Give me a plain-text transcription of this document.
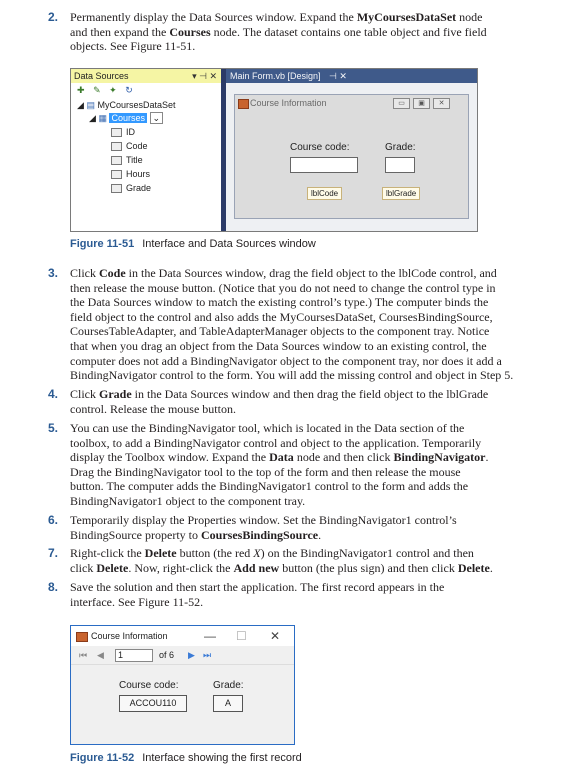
2. Permanently display the Data Sources window. Expand the MyCoursesDataSet node
and then expand the Courses node. The dataset contains one table object and five field
objects. See Figure 11-51.
Data Sources	▾ ⊣ ✕
✚ ✎ ✦ ↻
◢ ▤ MyCoursesDataSet
◢ ▦ Courses ⌄
ID
Code
Title
Hours
Grade
Main Form.vb [Design] ⊣ ✕
Course Information	▭	▣	✕
Course code:	Grade:
lblCode	lblGrade
Figure 11-51 Interface and Data Sources window
3. Click Code in the Data Sources window, drag the field object to the lblCode control, and
then release the mouse button. (Notice that you do not need to change the control type in
the Data Sources window to match the existing control’s type.) The computer binds the
field object to the control and also adds the MyCoursesDataSet, CoursesBindingSource,
CoursesTableAdapter, and TableAdapterManager objects to the component tray. Notice
that when you drag an object from the Data Sources window to an existing control, the
computer does not add a BindingNavigator object to the component tray, nor does it add a
BindingNavigator control to the form. You will add the missing control and object in Step 5.
4. Click Grade in the Data Sources window and then drag the field object to the lblGrade
control. Release the mouse button.
5. You can use the BindingNavigator tool, which is located in the Data section of the
toolbox, to add a BindingNavigator control and object to the application. Temporarily
display the Toolbox window. Expand the Data node and then click BindingNavigator.
Drag the BindingNavigator tool to the top of the form and then release the mouse
button. The computer adds the BindingNavigator1 control to the form and adds the
BindingNavigator1 object to the component tray.
6. Temporarily display the Properties window. Set the BindingNavigator1 control’s
BindingSource property to CoursesBindingSource.
7. Right-click the Delete button (the red X) on the BindingNavigator1 control and then
click Delete. Now, right-click the Add new button (the plus sign) and then click Delete.
8. Save the solution and then start the application. The first record appears in the
interface. See Figure 11-52.
Course Information	— ☐ ✕
⏮ ◀	1	of 6 ▶ ⏭
Course code:	Grade:
ACCOU110	A
Figure 11-52 Interface showing the first record
